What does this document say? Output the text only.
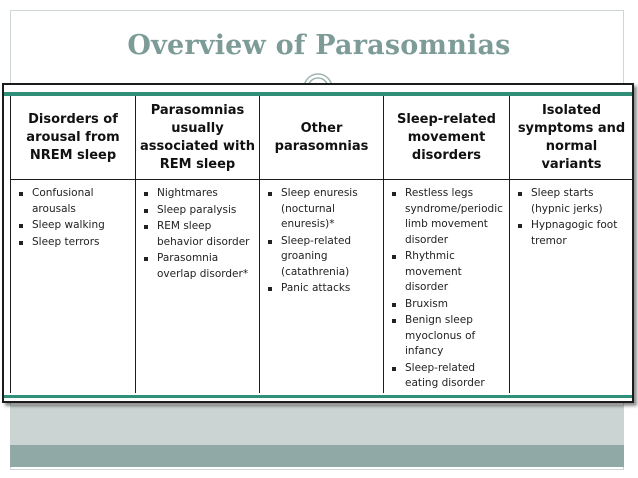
Overview of Parasomnias
Disorders of
arousal from
NREM sleep
Parasomnias
usually
associated with
REM sleep
Other
parasomnias
Sleep-related
movement
disorders
Isolated
symptoms and
normal
variants
Confusional
arousals
Sleep walking
Sleep terrors
Nightmares
Sleep paralysis
REM sleep
behavior disorder
Parasomnia
overlap disorder*
Sleep enuresis
(nocturnal
enuresis)*
Sleep-related
groaning
(catathrenia)
Panic attacks
Restless legs
syndrome/periodic
limb movement
disorder
Rhythmic
movement
disorder
Bruxism
Benign sleep
myoclonus of
infancy
Sleep-related
eating disorder
Sleep starts
(hypnic jerks)
Hypnagogic foot
tremor
